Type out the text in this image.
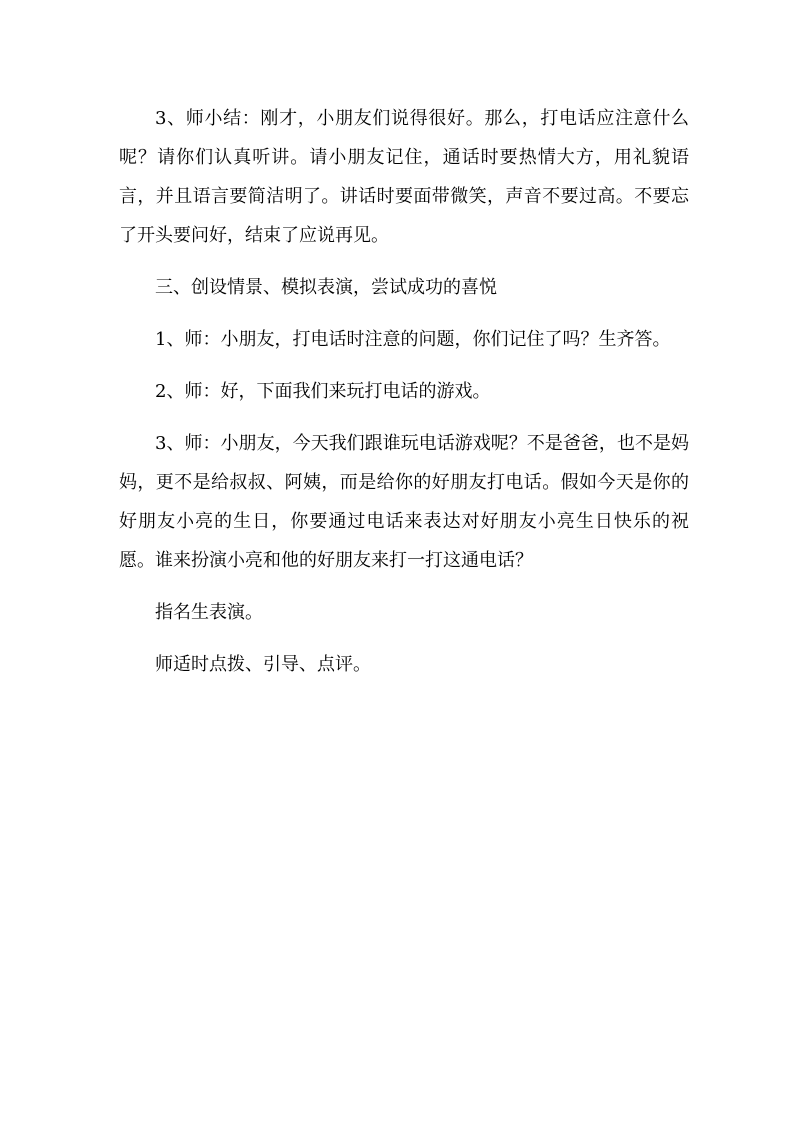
3、师小结：刚才，小朋友们说得很好。那么，打电话应注意什么呢？请你们认真听讲。请小朋友记住，通话时要热情大方，用礼貌语言，并且语言要简洁明了。讲话时要面带微笑，声音不要过高。不要忘了开头要问好，结束了应说再见。

三、创设情景、模拟表演，尝试成功的喜悦

1、师：小朋友，打电话时注意的问题，你们记住了吗？生齐答。

2、师：好，下面我们来玩打电话的游戏。

3、师：小朋友，今天我们跟谁玩电话游戏呢？不是爸爸，也不是妈妈，更不是给叔叔、阿姨，而是给你的好朋友打电话。假如今天是你的好朋友小亮的生日，你要通过电话来表达对好朋友小亮生日快乐的祝愿。谁来扮演小亮和他的好朋友来打一打这通电话？

指名生表演。

师适时点拨、引导、点评。
